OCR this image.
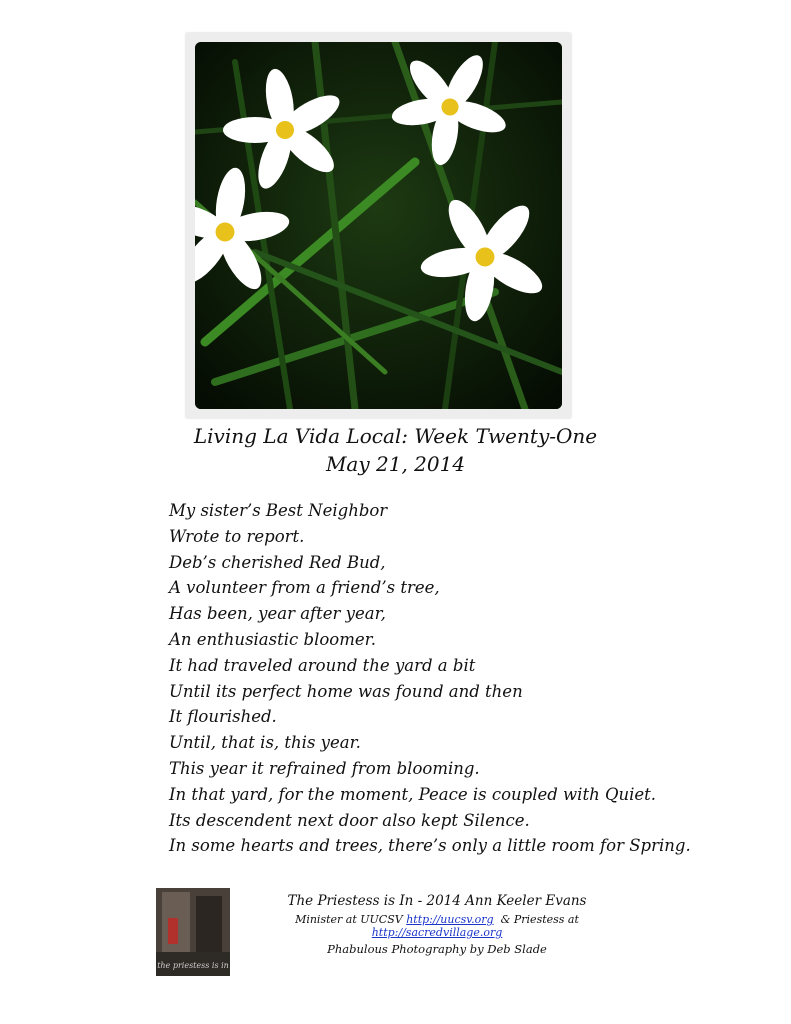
Living La Vida Local: Week Twenty-One
May 21, 2014
My sister’s Best Neighbor
Wrote to report.
Deb’s cherished Red Bud,
A volunteer from a friend’s tree,
Has been, year after year,
An enthusiastic bloomer.
It had traveled around the yard a bit
Until its perfect home was found and then
It flourished.
Until, that is, this year.
This year it refrained from blooming.
In that yard, for the moment, Peace is coupled with Quiet.
Its descendent next door also kept Silence.
In some hearts and trees, there’s only a little room for Spring.
the priestess is in
The Priestess is In - 2014 Ann Keeler Evans
Minister at UUCSV http://uucsv.org & Priestess at http://sacredvillage.org
Phabulous Photography by Deb Slade
